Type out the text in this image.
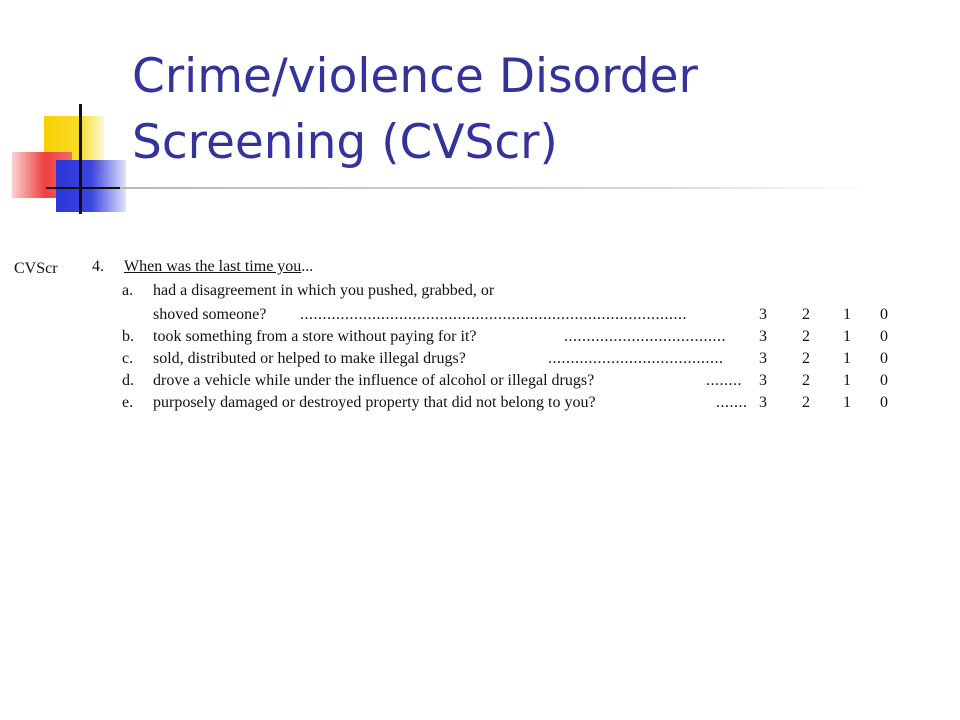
Crime/violence Disorder
Screening (CVScr)
CVScr 4. When was the last time you...
a. had a disagreement in which you pushed, grabbed, or
shoved someone? ......................................................................................	3 2 1 0
b. took something from a store without paying for it?	....................................	3 2 1 0
c. sold, distributed or helped to make illegal drugs?	.......................................	3 2 1 0
d. drove a vehicle while under the influence of alcohol or illegal drugs?	........	3 2 1 0
e. purposely damaged or destroyed property that did not belong to you?	....... 3 2 1 0
